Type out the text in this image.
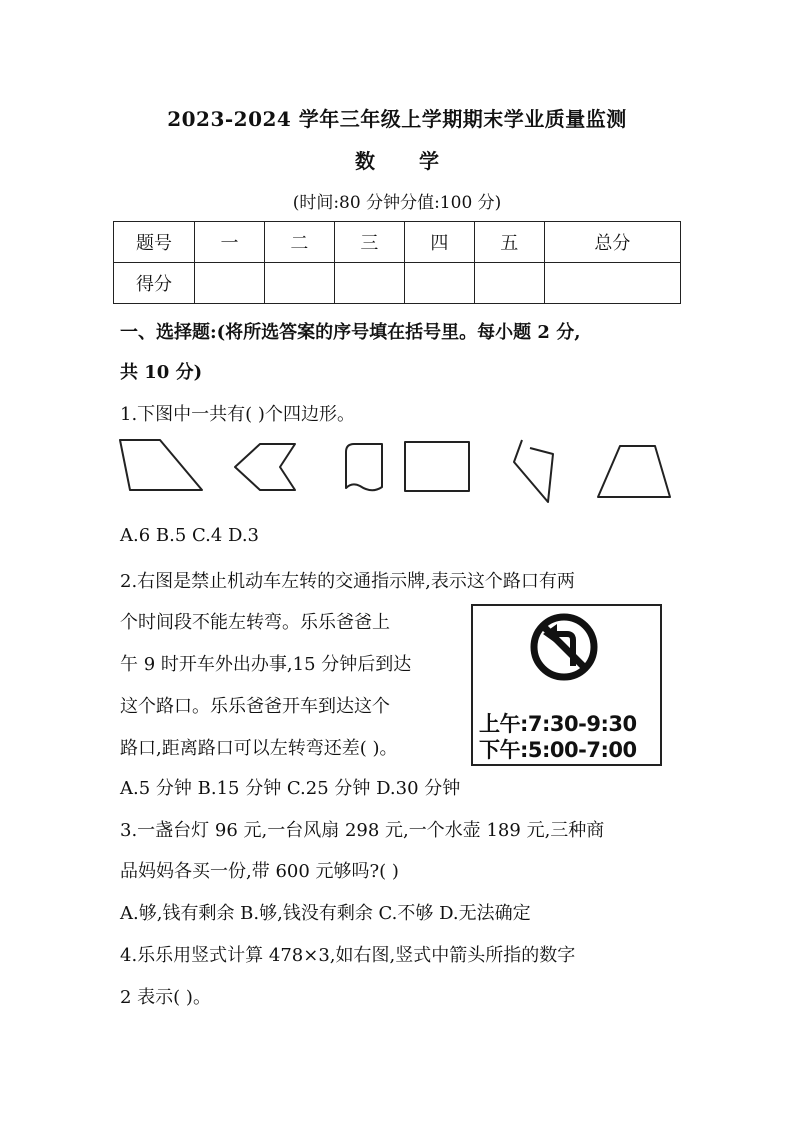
2023-2024 学年三年级上学期期末学业质量监测
数 学
(时间:80 分钟分值:100 分)
题号	一	二	三	四	五	总分
得分						
一、选择题:(将所选答案的序号填在括号里。每小题 2 分,
共 10 分)
1.下图中一共有( )个四边形。
A.6 B.5 C.4 D.3
2.右图是禁止机动车左转的交通指示牌,表示这个路口有两
个时间段不能左转弯。乐乐爸爸上
午 9 时开车外出办事,15 分钟后到达
这个路口。乐乐爸爸开车到达这个
路口,距离路口可以左转弯还差( )。
上午:7:30-9:30
下午:5:00-7:00
A.5 分钟 B.15 分钟 C.25 分钟 D.30 分钟
3.一盏台灯 96 元,一台风扇 298 元,一个水壶 189 元,三种商
品妈妈各买一份,带 600 元够吗?( )
A.够,钱有剩余 B.够,钱没有剩余 C.不够 D.无法确定
4.乐乐用竖式计算 478×3,如右图,竖式中箭头所指的数字
2 表示( )。
